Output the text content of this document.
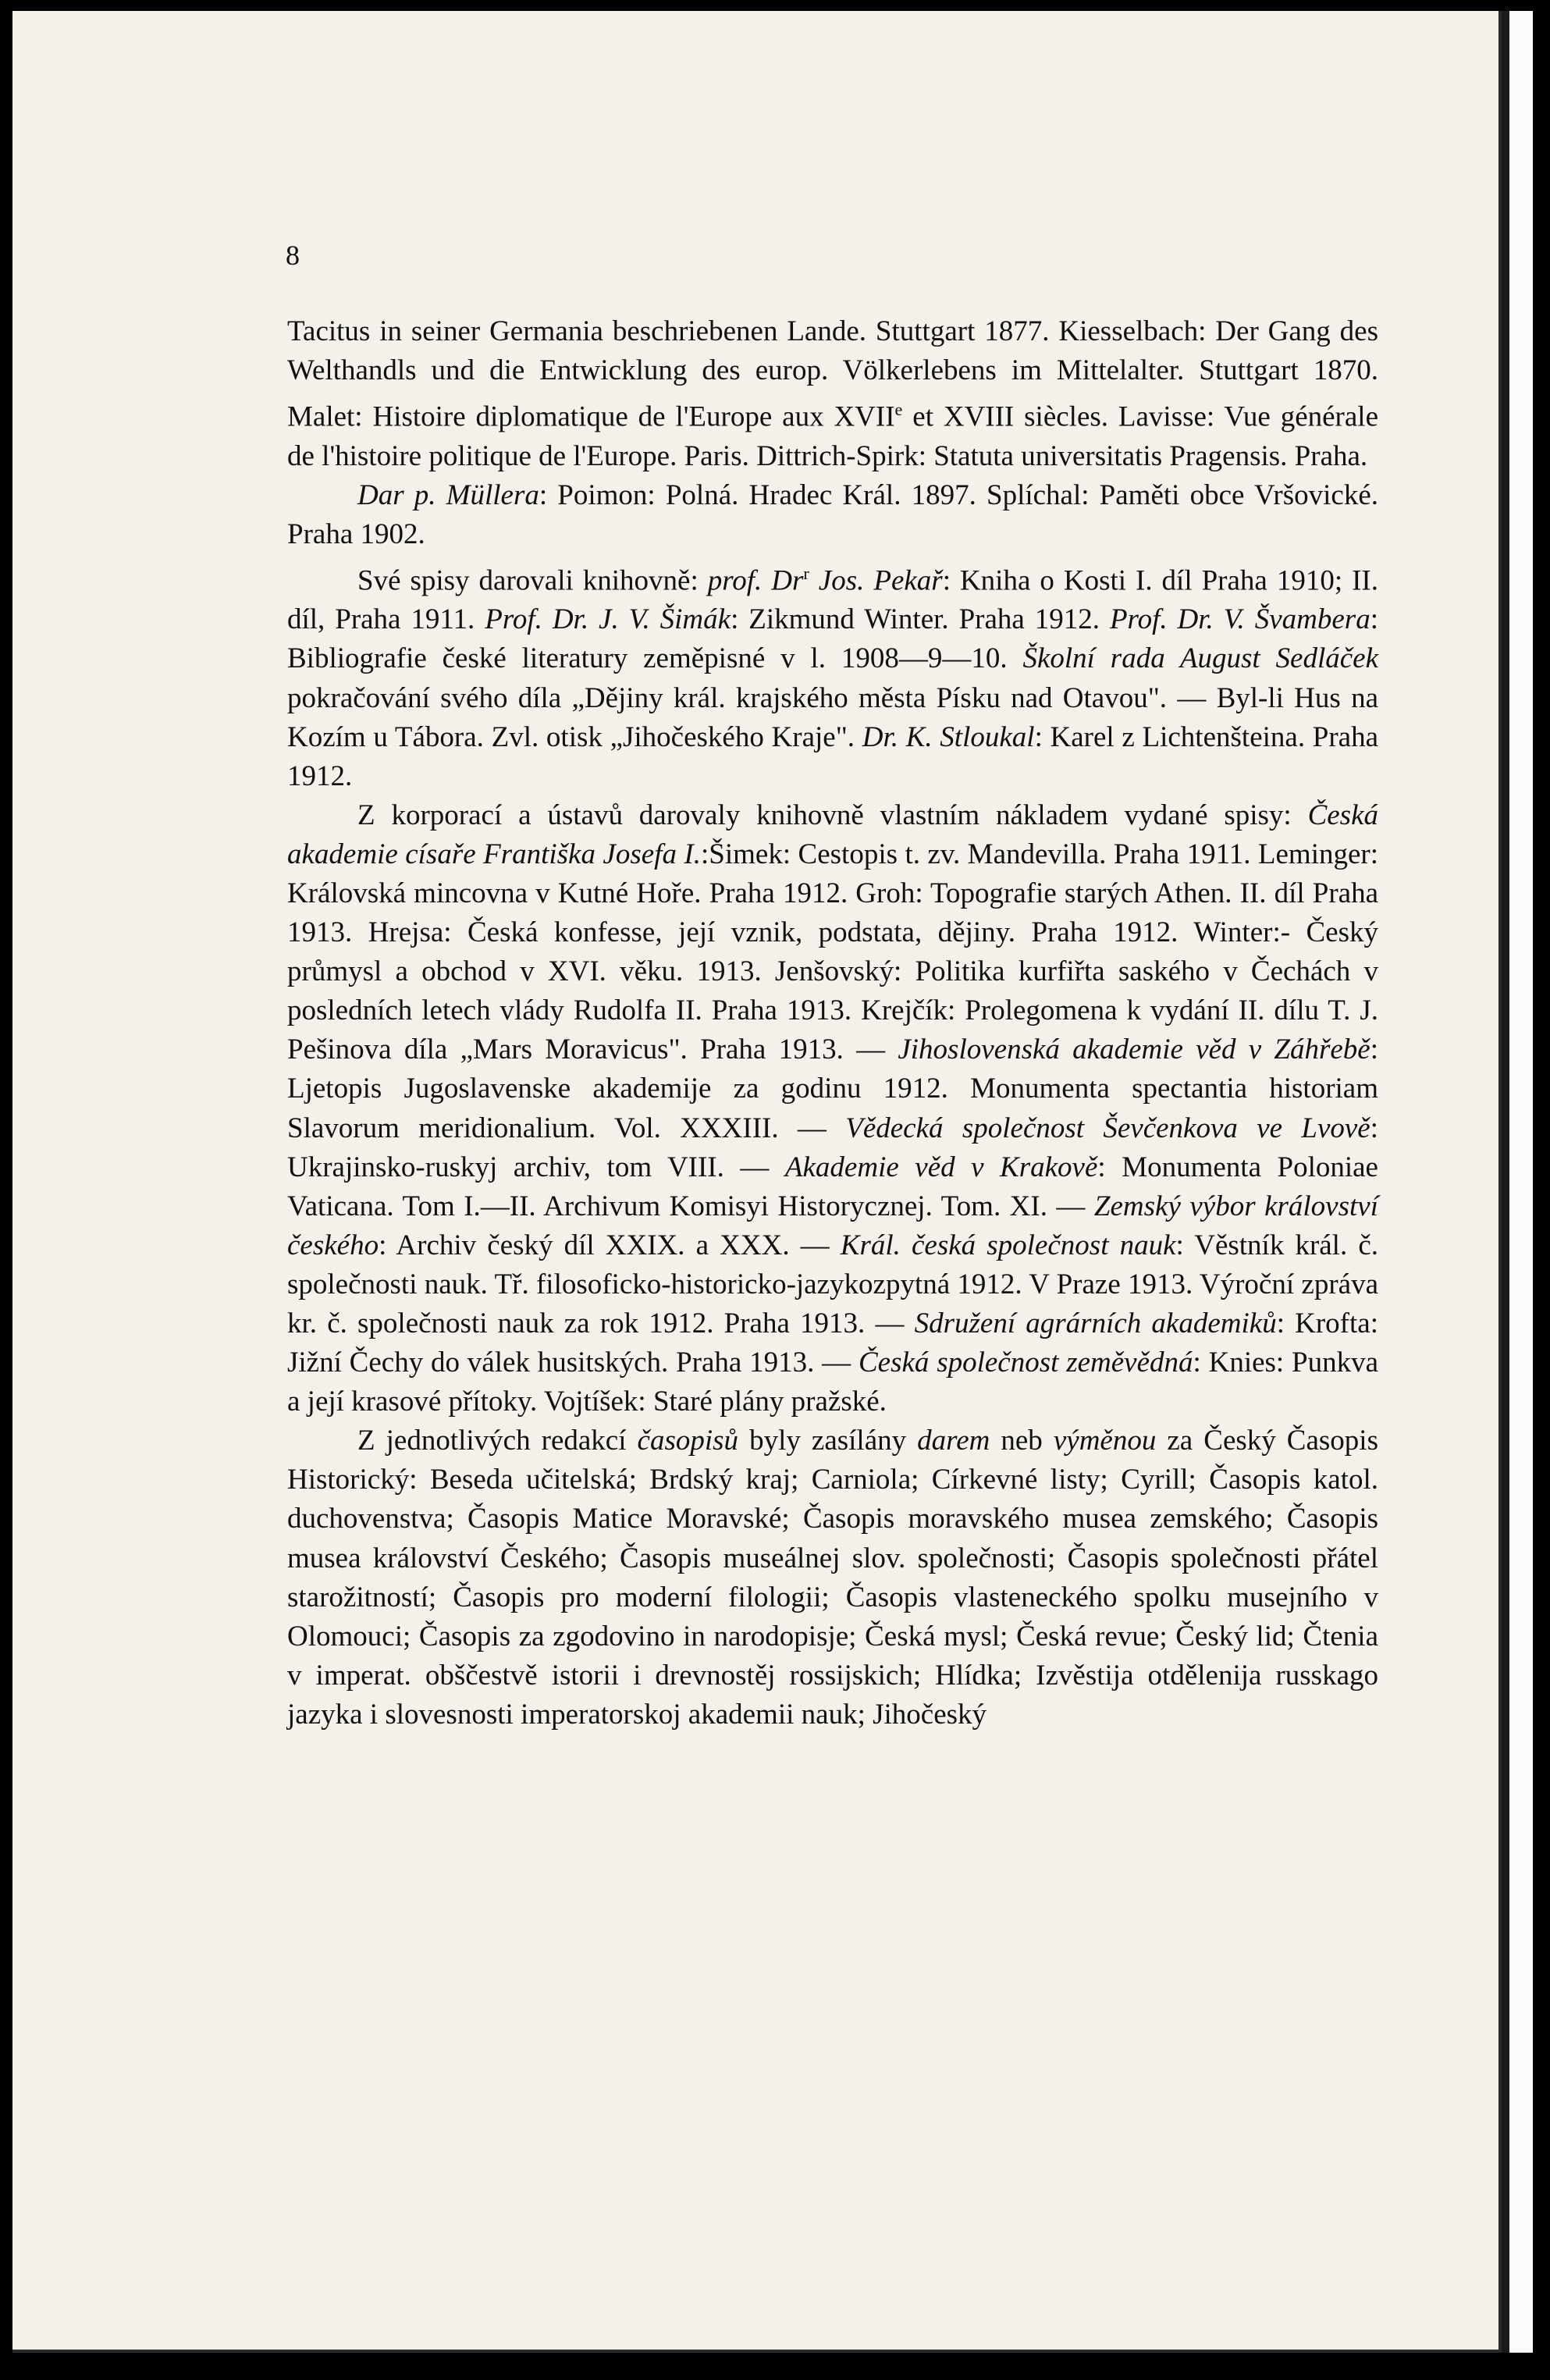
8

Tacitus in seiner Germania beschriebenen Lande. Stuttgart 1877. Kiesselbach: Der Gang des Welthandls und die Entwicklung des europ. Völkerlebens im Mittelalter. Stuttgart 1870. Malet: Histoire diplomatique de l'Europe aux XVIIe et XVIII siècles. Lavisse: Vue générale de l'histoire politique de l'Europe. Paris. Dittrich-Spirk: Statuta universitatis Pragensis. Praha.

Dar p. Müllera: Poimon: Polná. Hradec Král. 1897. Splíchal: Paměti obce Vršovické. Praha 1902.

Své spisy darovali knihovně: prof. Dr$^r$ Jos. Pekař: Kniha o Kosti I. díl Praha 1910; II. díl, Praha 1911. Prof. Dr. J. V. Šimák: Zikmund Winter. Praha 1912. Prof. Dr. V. Švambera: Bibliografie české literatury zeměpisné v l. 1908—9—10. Školní rada August Sedláček pokračování svého díla „Dějiny král. krajského města Písku nad Otavou". — Byl-li Hus na Kozím u Tábora. Zvl. otisk „Jihočeského Kraje". Dr. K. Stloukal: Karel z Lichtenšteina. Praha 1912.

Z korporací a ústavů darovaly knihovně vlastním nákladem vydané spisy: Česká akademie císaře Františka Josefa I.:Šimek: Cestopis t. zv. Mandevilla. Praha 1911. Leminger: Královská mincovna v Kutné Hoře. Praha 1912. Groh: Topografie starých Athen. II. díl Praha 1913. Hrejsa: Česká konfesse, její vznik, podstata, dějiny. Praha 1912. Winter:- Český průmysl a obchod v XVI. věku. 1913. Jenšovský: Politika kurfiřta saského v Čechách v posledních letech vlády Rudolfa II. Praha 1913. Krejčík: Prolegomena k vydání II. dílu T. J. Pešinova díla „Mars Moravicus". Praha 1913. — Jihoslovenská akademie věd v Záhřebě: Ljetopis Jugoslavenske akademije za godinu 1912. Monumenta spectantia historiam Slavorum meridionalium. Vol. XXXIII. — Vědecká společnost Ševčenkova ve Lvově: Ukrajinsko-ruskyj archiv, tom VIII. — Akademie věd v Krakově: Monumenta Poloniae Vaticana. Tom I.—II. Archivum Komisyi Historycznej. Tom. XI. — Zemský výbor království českého: Archiv český díl XXIX. a XXX. — Král. česká společnost nauk: Věstník král. č. společnosti nauk. Tř. filosoficko-historicko-jazykozpytná 1912. V Praze 1913. Výroční zpráva kr. č. společnosti nauk za rok 1912. Praha 1913. — Sdružení agrárních akademiků: Krofta: Jižní Čechy do válek husitských. Praha 1913. — Česká společnost zeměvědná: Knies: Punkva a její krasové přítoky. Vojtíšek: Staré plány pražské.

Z jednotlivých redakcí časopisů byly zasílány darem neb výměnou za Český Časopis Historický: Beseda učitelská; Brdský kraj; Carniola; Církevné listy; Cyrill; Časopis katol. duchovenstva; Časopis Matice Moravské; Časopis moravského musea zemského; Časopis musea království Českého; Časopis museálnej slov. společnosti; Časopis společnosti přátel starožitností; Časopis pro moderní filologii; Časopis vlasteneckého spolku musejního v Olomouci; Časopis za zgodovino in narodopisje; Česká mysl; Česká revue; Český lid; Čtenia v imperat. obščestvě istorii i drevnostěj rossijskich; Hlídka; Izvěstija otdělenija russkago jazyka i slovesnosti imperatorskoj akademii nauk; Jihočeský
